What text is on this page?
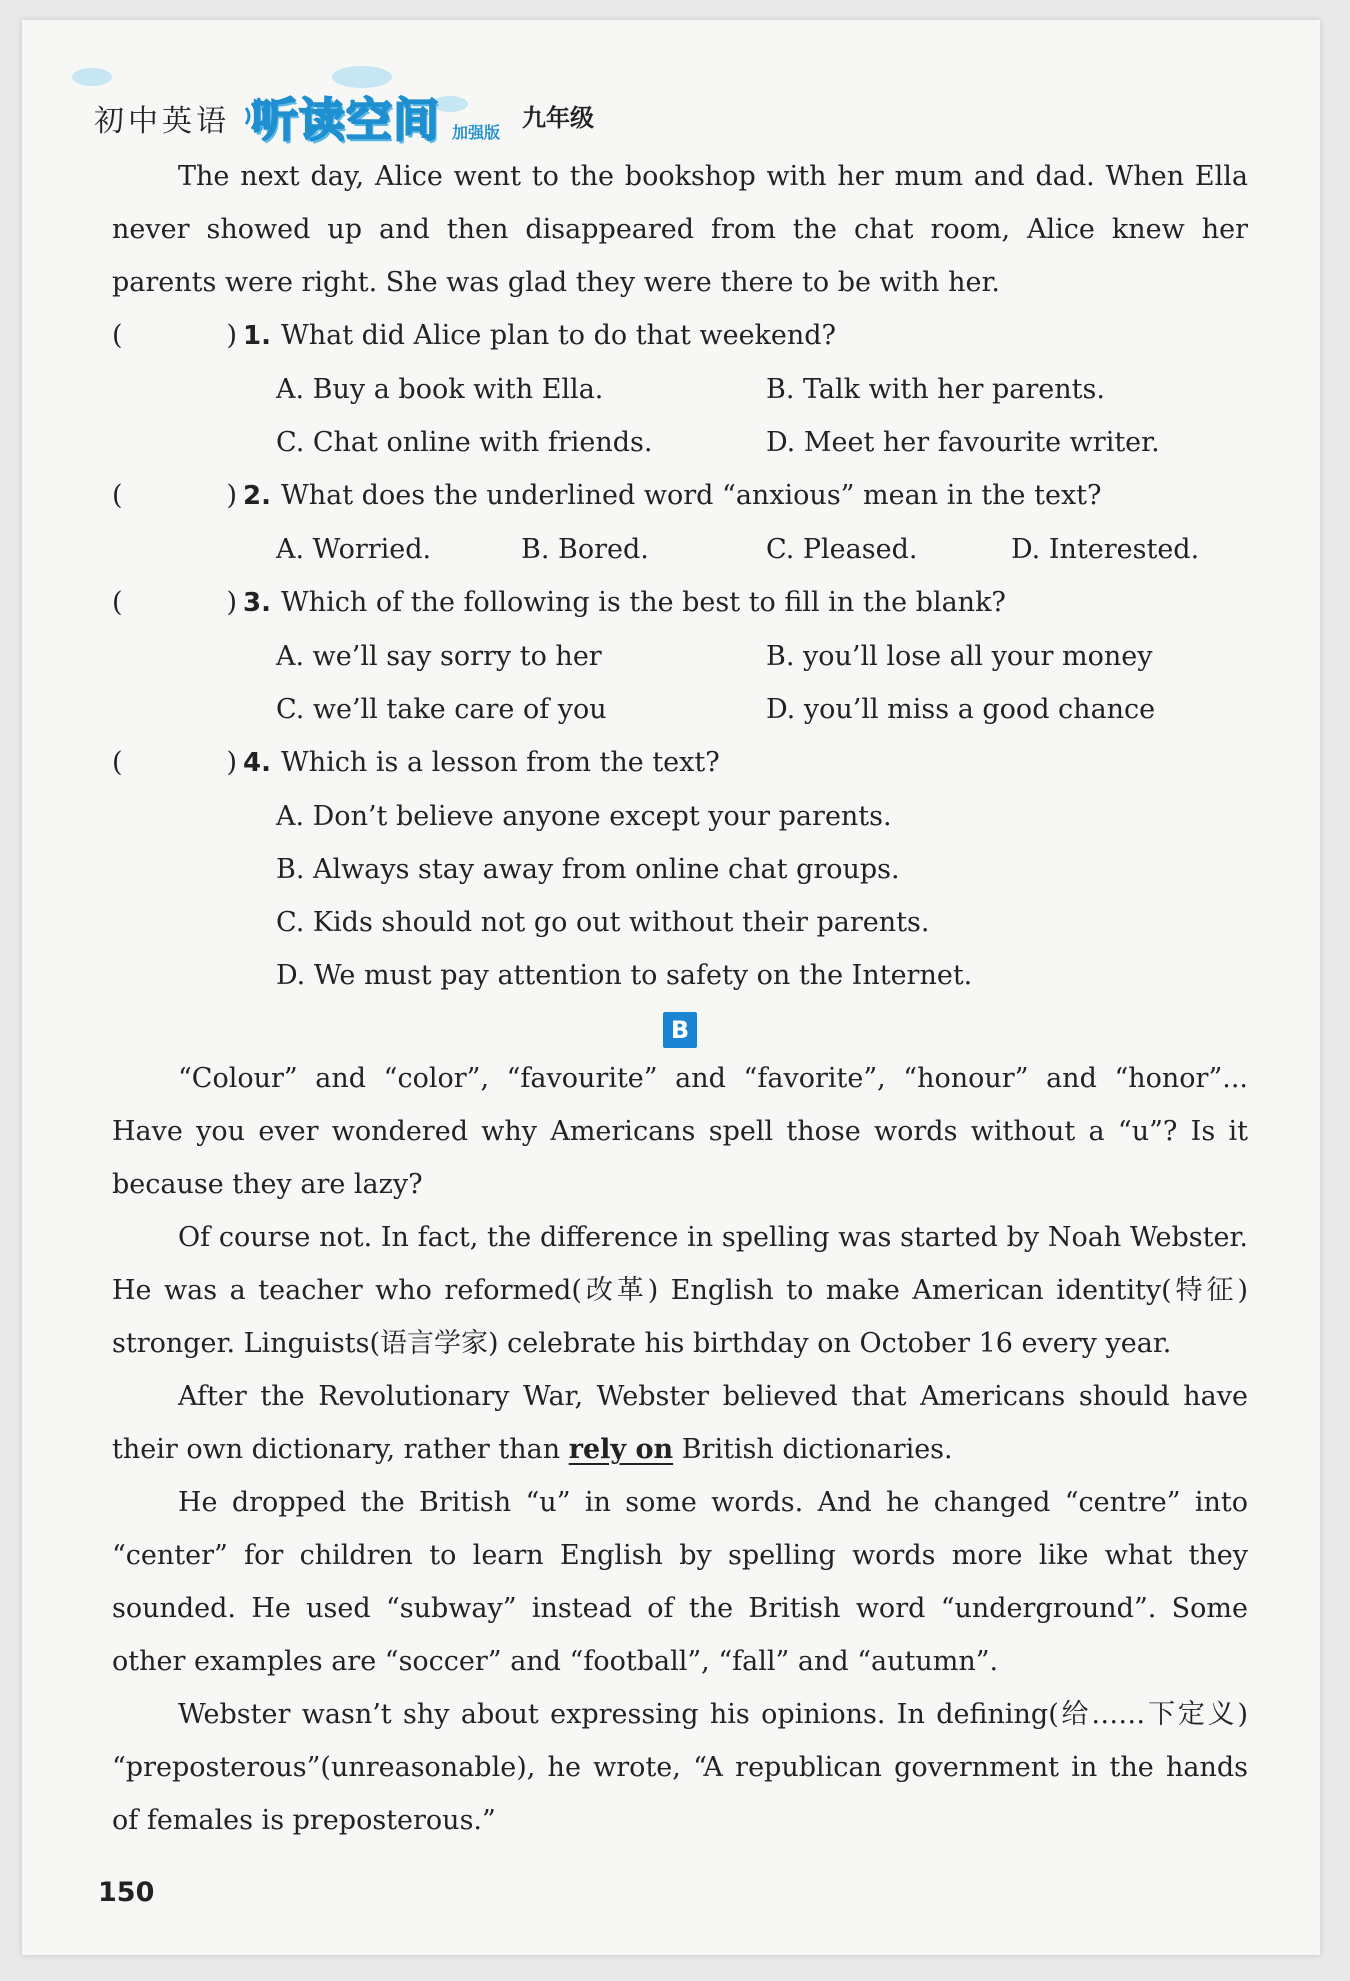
初中英语 听读空间 加强版
九年级

The next day, Alice went to the bookshop with her mum and dad. When Ella never showed up and then disappeared from the chat room, Alice knew her parents were right. She was glad they were there to be with her.

(	) 1. What did Alice plan to do that weekend?
A. Buy a book with Ella.	B. Talk with her parents.
C. Chat online with friends.	D. Meet her favourite writer.
(	) 2. What does the underlined word “anxious” mean in the text?
A. Worried.	B. Bored.	C. Pleased.	D. Interested.
(	) 3. Which of the following is the best to fill in the blank?
A. we’ll say sorry to her	B. you’ll lose all your money
C. we’ll take care of you	D. you’ll miss a good chance
(	) 4. Which is a lesson from the text?
A. Don’t believe anyone except your parents.
B. Always stay away from online chat groups.
C. Kids should not go out without their parents.
D. We must pay attention to safety on the Internet.
B

“Colour” and “color”, “favourite” and “favorite”, “honour” and “honor”... Have you ever wondered why Americans spell those words without a “u”? Is it because they are lazy?

Of course not. In fact, the difference in spelling was started by Noah Webster. He was a teacher who reformed(改革) English to make American identity(特征) stronger. Linguists(语言学家) celebrate his birthday on October 16 every year.

After the Revolutionary War, Webster believed that Americans should have their own dictionary, rather than rely on British dictionaries.

He dropped the British “u” in some words. And he changed “centre” into “center” for children to learn English by spelling words more like what they sounded. He used “subway” instead of the British word “underground”. Some other examples are “soccer” and “football”, “fall” and “autumn”.

Webster wasn’t shy about expressing his opinions. In defining(给……下定义) “preposterous”(unreasonable), he wrote, “A republican government in the hands of females is preposterous.”

150
